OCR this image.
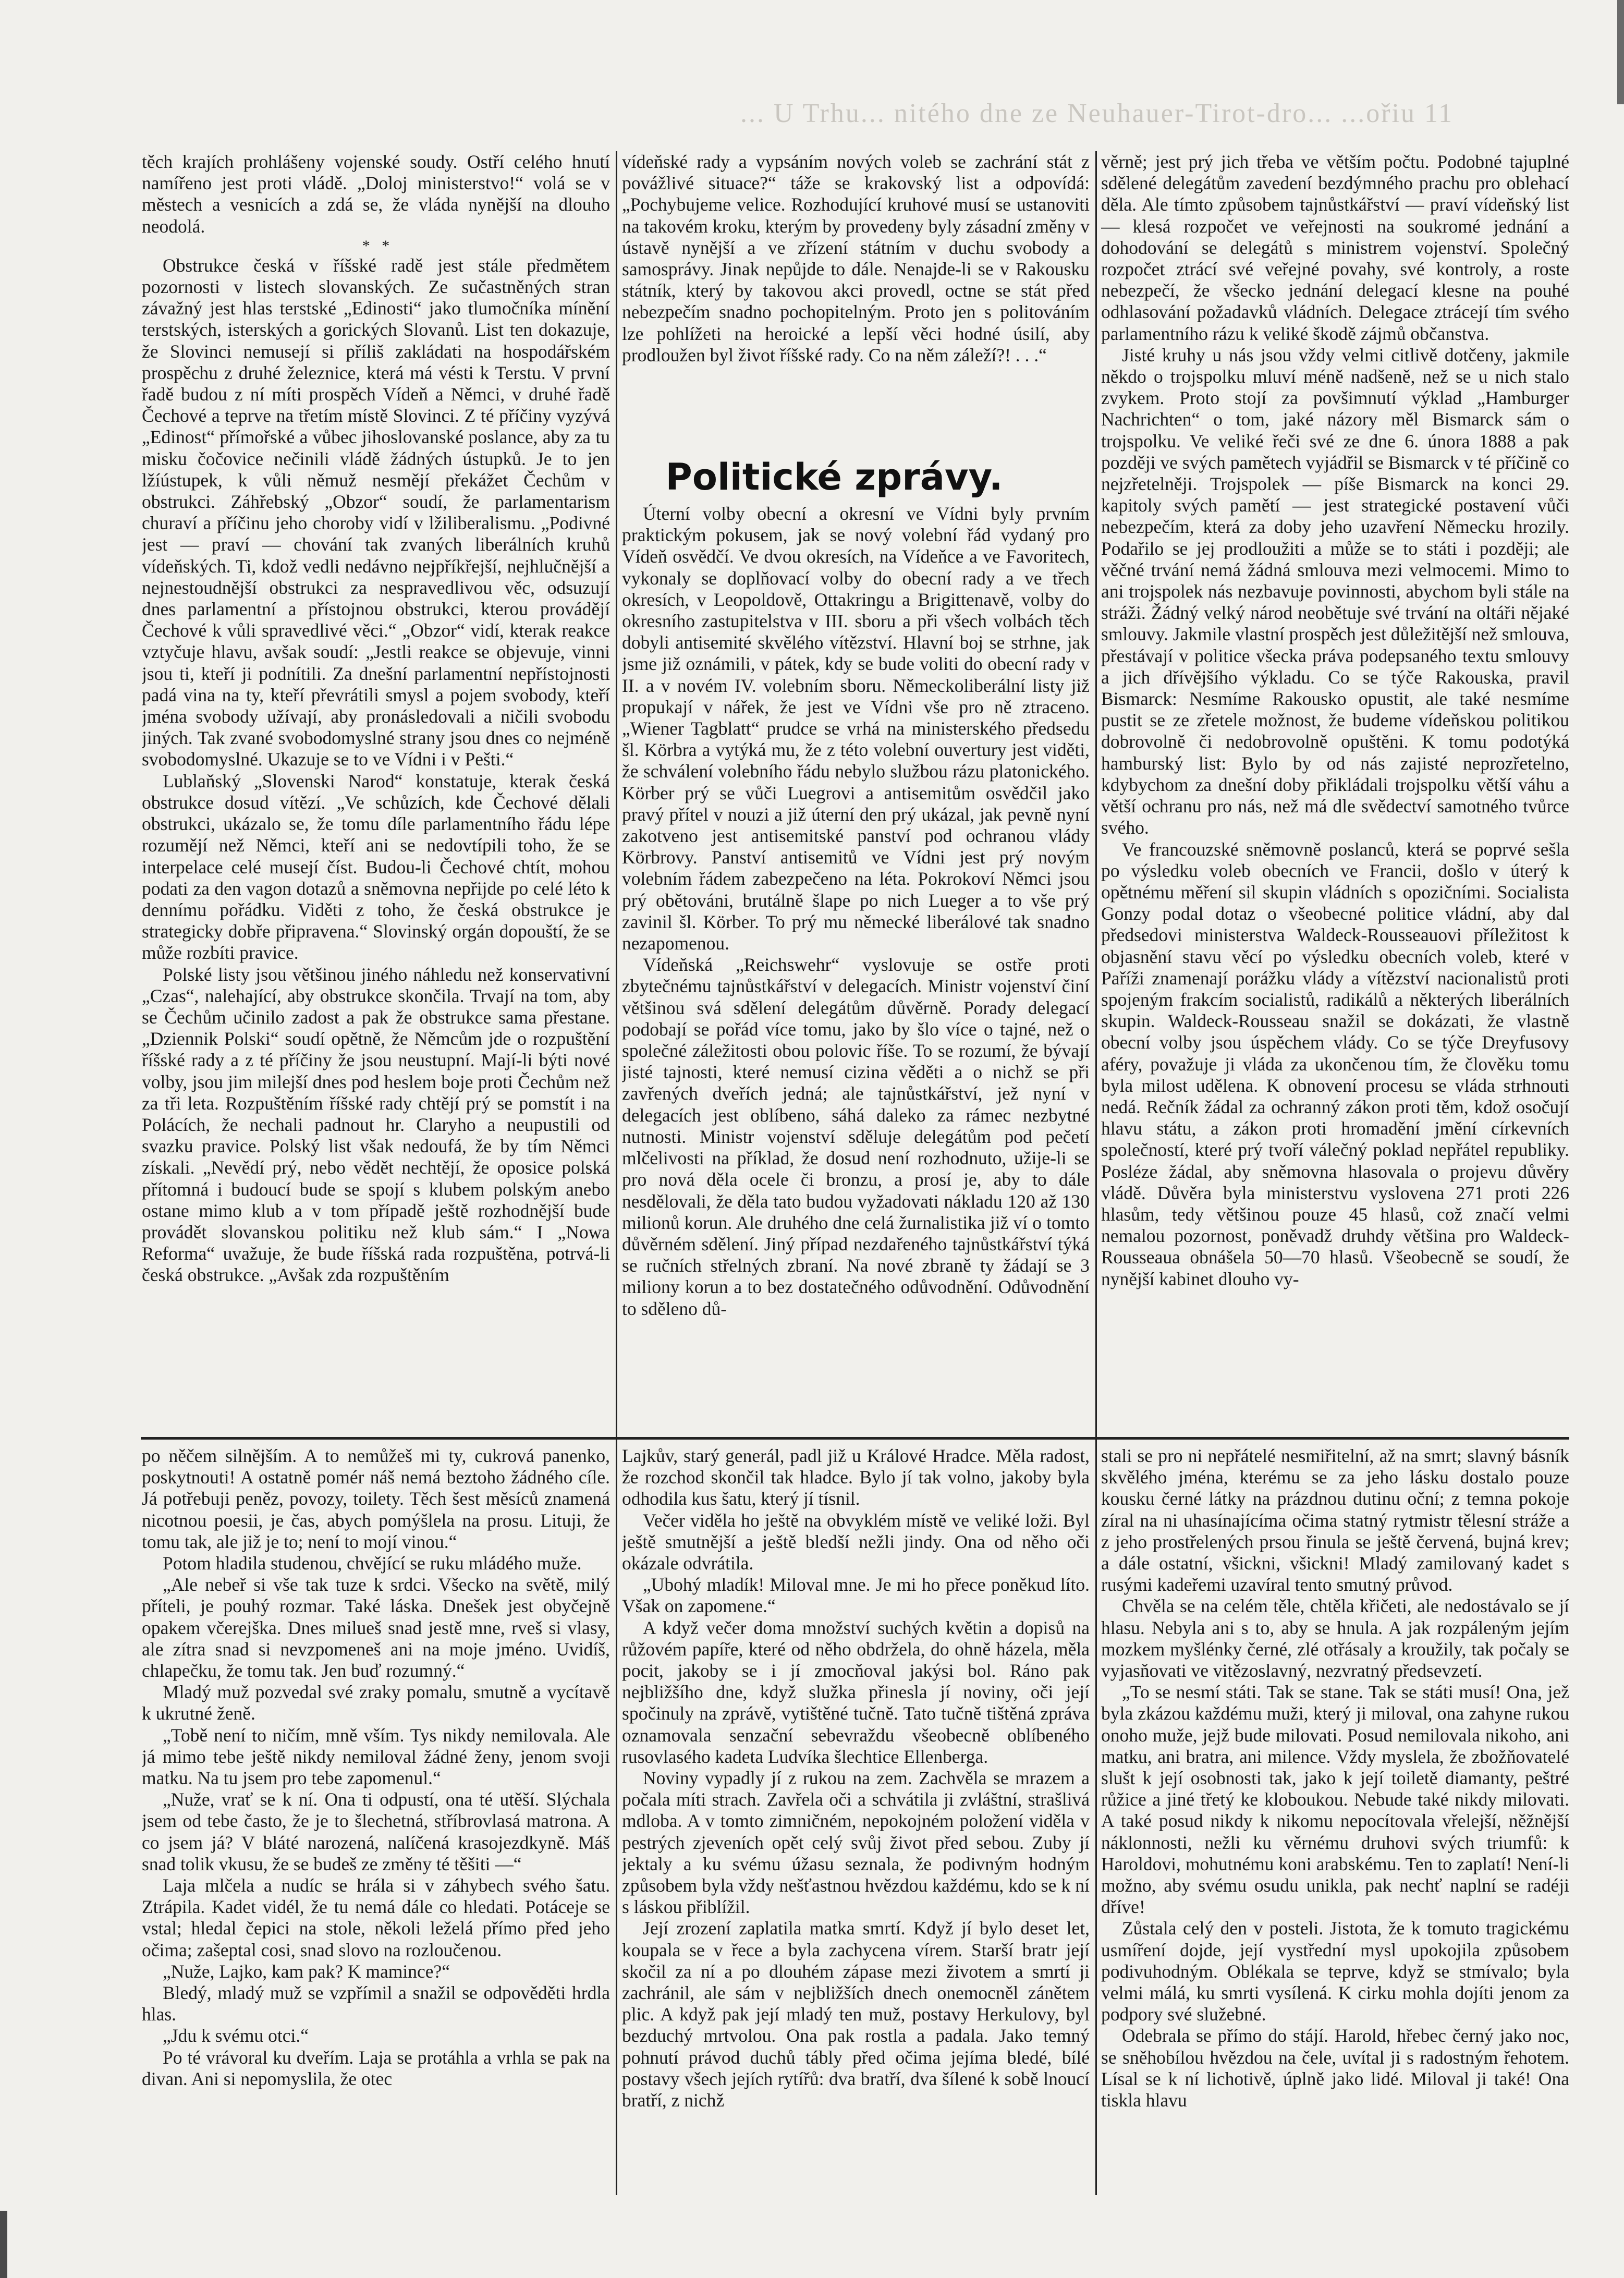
... U Trhu... nitého dne ze Neuhauer-Tirot-dro... ...ořiu 11

těch krajích prohlášeny vojenské soudy. Ostří celého hnutí namířeno jest proti vládě. „Doloj ministerstvo!“ volá se v městech a vesnicích a zdá se, že vláda nynější na dlouho neodolá.

*   *

Obstrukce česká v říšské radě jest stále předmětem pozornosti v listech slovanských. Ze sučastněných stran závažný jest hlas terstské „Edinosti“ jako tlumočníka mínění terstských, isterských a gorických Slovanů. List ten dokazuje, že Slovinci nemusejí si příliš zakládati na hospodářském prospěchu z druhé železnice, která má vésti k Terstu. V první řadě budou z ní míti prospěch Vídeň a Němci, v druhé řadě Čechové a teprve na třetím místě Slovinci. Z té příčiny vyzývá „Edinost“ přímořské a vůbec jihoslovanské poslance, aby za tu misku čočovice nečinili vládě žádných ústupků. Je to jen lžíústupek, k vůli němuž nesmějí překážet Čechům v obstrukci. Záhřebský „Obzor“ soudí, že parlamentarism churaví a příčinu jeho choroby vidí v lžiliberalismu. „Podivné jest — praví — chování tak zvaných liberálních kruhů vídeňských. Ti, kdož vedli nedávno nejpříkřejší, nejhlučnější a nejnestoudnější obstrukci za nespravedlivou věc, odsuzují dnes parlamentní a přístojnou obstrukci, kterou provádějí Čechové k vůli spravedlivé věci.“ „Obzor“ vidí, kterak reakce vztyčuje hlavu, avšak soudí: „Jestli reakce se objevuje, vinni jsou ti, kteří ji podnítili. Za dnešní parlamentní nepřístojnosti padá vina na ty, kteří převrátili smysl a pojem svobody, kteří jména svobody užívají, aby pronásledovali a ničili svobodu jiných. Tak zvané svobodomyslné strany jsou dnes co nejméně svobodomyslné. Ukazuje se to ve Vídni i v Pešti.“

Lublaňský „Slovenski Narod“ konstatuje, kterak česká obstrukce dosud vítězí. „Ve schůzích, kde Čechové dělali obstrukci, ukázalo se, že tomu díle parlamentního řádu lépe rozumějí než Němci, kteří ani se nedovtípili toho, že se interpelace celé musejí číst. Budou-li Čechové chtít, mohou podati za den vagon dotazů a sněmovna nepřijde po celé léto k dennímu pořádku. Viděti z toho, že česká obstrukce je strategicky dobře připravena.“ Slovinský orgán dopouští, že se může rozbíti pravice.

Polské listy jsou většinou jiného náhledu než konservativní „Czas“, nalehající, aby obstrukce skončila. Trvají na tom, aby se Čechům učinilo zadost a pak že obstrukce sama přestane. „Dziennik Polski“ soudí opětně, že Němcům jde o rozpuštění říšské rady a z té příčiny že jsou neustupní. Mají-li býti nové volby, jsou jim milejší dnes pod heslem boje proti Čechům než za tři leta. Rozpuštěním říšské rady chtějí prý se pomstít i na Polácích, že nechali padnout hr. Claryho a neupustili od svazku pravice. Polský list však nedoufá, že by tím Němci získali. „Nevědí prý, nebo vědět nechtějí, že oposice polská přítomná i budoucí bude se spojí s klubem polským anebo ostane mimo klub a v tom případě ještě rozhodnější bude provádět slovanskou politiku než klub sám.“ I „Nowa Reforma“ uvažuje, že bude říšská rada rozpuštěna, potrvá-li česká obstrukce. „Avšak zda rozpuštěním

vídeňské rady a vypsáním nových voleb se zachrání stát z povážlivé situace?“ táže se krakovský list a odpovídá: „Pochybujeme velice. Rozhodující kruhové musí se ustanoviti na takovém kroku, kterým by provedeny byly zásadní změny v ústavě nynější a ve zřízení státním v duchu svobody a samosprávy. Jinak nepůjde to dále. Nenajde-li se v Rakousku státník, který by takovou akci provedl, octne se stát před nebezpečím snadno pochopitelným. Proto jen s politováním lze pohlížeti na heroické a lepší věci hodné úsilí, aby prodloužen byl život říšské rady. Co na něm záleží?! . . .“

Politické zprávy.

Úterní volby obecní a okresní ve Vídni byly prvním praktickým pokusem, jak se nový volební řád vydaný pro Vídeň osvědčí. Ve dvou okresích, na Vídeňce a ve Favoritech, vykonaly se doplňovací volby do obecní rady a ve třech okresích, v Leopoldově, Ottakringu a Brigittenavě, volby do okresního zastupitelstva v III. sboru a při všech volbách těch dobyli antisemité skvělého vítězství. Hlavní boj se strhne, jak jsme již oznámili, v pátek, kdy se bude voliti do obecní rady v II. a v novém IV. volebním sboru. Německoliberální listy již propukají v nářek, že jest ve Vídni vše pro ně ztraceno. „Wiener Tagblatt“ prudce se vrhá na ministerského předsedu šl. Körbra a vytýká mu, že z této volební ouvertury jest viděti, že schválení volebního řádu nebylo službou rázu platonického. Körber prý se vůči Luegrovi a antisemitům osvědčil jako pravý přítel v nouzi a již úterní den prý ukázal, jak pevně nyní zakotveno jest antisemitské panství pod ochranou vlády Körbrovy. Panství antisemitů ve Vídni jest prý novým volebním řádem zabezpečeno na léta. Pokrokoví Němci jsou prý obětováni, brutálně šlape po nich Lueger a to vše prý zavinil šl. Körber. To prý mu německé liberálové tak snadno nezapomenou.

Vídeňská „Reichswehr“ vyslovuje se ostře proti zbytečnému tajnůstkářství v delegacích. Ministr vojenství činí většinou svá sdělení delegátům důvěrně. Porady delegací podobají se pořád více tomu, jako by šlo více o tajné, než o společné záležitosti obou polovic říše. To se rozumí, že bývají jisté tajnosti, které nemusí cizina věděti a o nichž se při zavřených dveřích jedná; ale tajnůstkářství, jež nyní v delegacích jest oblíbeno, sáhá daleko za rámec nezbytné nutnosti. Ministr vojenství sděluje delegátům pod pečetí mlčelivosti na příklad, že dosud není rozhodnuto, užije-li se pro nová děla ocele či bronzu, a prosí je, aby to dále nesdělovali, že děla tato budou vyžadovati nákladu 120 až 130 milionů korun. Ale druhého dne celá žurnalistika již ví o tomto důvěrném sdělení. Jiný případ nezdařeného tajnůstkářství týká se ručních střelných zbraní. Na nové zbraně ty žádají se 3 miliony korun a to bez dostatečného odůvodnění. Odůvodnění to sděleno dů-

věrně; jest prý jich třeba ve větším počtu. Podobné tajuplné sdělené delegátům zavedení bezdýmného prachu pro oblehací děla. Ale tímto způsobem tajnůstkářství — praví vídeňský list — klesá rozpočet ve veřejnosti na soukromé jednání a dohodování se delegátů s ministrem vojenství. Společný rozpočet ztrácí své veřejné povahy, své kontroly, a roste nebezpečí, že všecko jednání delegací klesne na pouhé odhlasování požadavků vládních. Delegace ztrácejí tím svého parlamentního rázu k veliké škodě zájmů občanstva.

Jisté kruhy u nás jsou vždy velmi citlivě dotčeny, jakmile někdo o trojspolku mluví méně nadšeně, než se u nich stalo zvykem. Proto stojí za povšimnutí výklad „Hamburger Nachrichten“ o tom, jaké názory měl Bismarck sám o trojspolku. Ve veliké řeči své ze dne 6. února 1888 a pak později ve svých pamětech vyjádřil se Bismarck v té příčině co nejzřetelněji. Trojspolek — píše Bismarck na konci 29. kapitoly svých pamětí — jest strategické postavení vůči nebezpečím, která za doby jeho uzavření Německu hrozily. Podařilo se jej prodloužiti a může se to státi i později; ale věčné trvání nemá žádná smlouva mezi velmocemi. Mimo to ani trojspolek nás nezbavuje povinnosti, abychom byli stále na stráži. Žádný velký národ neobětuje své trvání na oltáři nějaké smlouvy. Jakmile vlastní prospěch jest důležitější než smlouva, přestávají v politice všecka práva podepsaného textu smlouvy a jich dřívějšího výkladu. Co se týče Rakouska, pravil Bismarck: Nesmíme Rakousko opustit, ale také nesmíme pustit se ze zřetele možnost, že budeme vídeňskou politikou dobrovolně či nedobrovolně opuštěni. K tomu podotýká hamburský list: Bylo by od nás zajisté neprozřetelno, kdybychom za dnešní doby přikládali trojspolku větší váhu a větší ochranu pro nás, než má dle svědectví samotného tvůrce svého.

Ve francouzské sněmovně poslanců, která se poprvé sešla po výsledku voleb obecních ve Francii, došlo v úterý k opětnému měření sil skupin vládních s opozičními. Socialista Gonzy podal dotaz o všeobecné politice vládní, aby dal předsedovi ministerstva Waldeck-Rousseauovi příležitost k objasnění stavu věcí po výsledku obecních voleb, které v Paříži znamenají porážku vlády a vítězství nacionalistů proti spojeným frakcím socialistů, radikálů a některých liberálních skupin. Waldeck-Rousseau snažil se dokázati, že vlastně obecní volby jsou úspěchem vlády. Co se týče Dreyfusovy aféry, považuje ji vláda za ukončenou tím, že člověku tomu byla milost udělena. K obnovení procesu se vláda strhnouti nedá. Rečník žádal za ochranný zákon proti těm, kdož osočují hlavu státu, a zákon proti hromadění jmění církevních společností, které prý tvoří válečný poklad nepřátel republiky. Posléze žádal, aby sněmovna hlasovala o projevu důvěry vládě. Důvěra byla ministerstvu vyslovena 271 proti 226 hlasům, tedy většinou pouze 45 hlasů, což značí velmi nemalou pozornost, poněvadž druhdy většina pro Waldeck-Rousseaua obnášela 50—70 hlasů. Všeobecně se soudí, že nynější kabinet dlouho vy-

po něčem silnějším. A to nemůžeš mi ty, cukrová panenko, poskytnouti! A ostatně pomér náš nemá beztoho žádného cíle. Já potřebuji peněz, povozy, toilety. Těch šest měsíců znamená nicotnou poesii, je čas, abych pomýšlela na prosu. Lituji, že tomu tak, ale již je to; není to mojí vinou.“

Potom hladila studenou, chvějící se ruku mládého muže.

„Ale nebeř si vše tak tuze k srdci. Všecko na světě, milý příteli, je pouhý rozmar. Také láska. Dnešek jest obyčejně opakem včerejška. Dnes milueš snad jestě mne, rveš si vlasy, ale zítra snad si nevzpomeneš ani na moje jméno. Uvidíš, chlapečku, že tomu tak. Jen buď rozumný.“

Mladý muž pozvedal své zraky pomalu, smutně a vycítavě k ukrutné ženě.

„Tobě není to ničím, mně vším. Tys nikdy nemilovala. Ale já mimo tebe ještě nikdy nemiloval žádné ženy, jenom svoji matku. Na tu jsem pro tebe zapomenul.“

„Nuže, vrať se k ní. Ona ti odpustí, ona té utěší. Slýchala jsem od tebe často, že je to šlechetná, stříbrovlasá matrona. A co jsem já? V bláté narozená, nalíčená krasojezdkyně. Máš snad tolik vkusu, že se budeš ze změny té těšiti —“

Laja mlčela a nudíc se hrála si v záhybech svého šatu. Ztrápila. Kadet vidél, že tu nemá dále co hledati. Potáceje se vstal; hledal čepici na stole, několi leželá přímo před jeho očima; zašeptal cosi, snad slovo na rozloučenou.

„Nuže, Lajko, kam pak? K mamince?“

Bledý, mladý muž se vzpřímil a snažil se odpověděti hrdla hlas.

„Jdu k svému otci.“

Po té vrávoral ku dveřím. Laja se protáhla a vrhla se pak na divan. Ani si nepomyslila, že otec

Lajkův, starý generál, padl již u Králové Hradce. Měla radost, že rozchod skončil tak hladce. Bylo jí tak volno, jakoby byla odhodila kus šatu, který jí tísnil.

Večer viděla ho ještě na obvyklém místě ve veliké loži. Byl ještě smutnější a ještě bledší nežli jindy. Ona od něho oči okázale odvrátila.

„Ubohý mladík! Miloval mne. Je mi ho přece poněkud líto. Však on zapomene.“

A když večer doma množství suchých květin a dopisů na růžovém papíře, které od něho obdržela, do ohně házela, měla pocit, jakoby se i jí zmocňoval jakýsi bol. Ráno pak nejbližšího dne, když služka přinesla jí noviny, oči její spočinuly na zprávě, vytištěné tučně. Tato tučně tištěná zpráva oznamovala senzační sebevraždu všeobecně oblíbeného rusovlasého kadeta Ludvíka šlechtice Ellenberga.

Noviny vypadly jí z rukou na zem. Zachvěla se mrazem a počala míti strach. Zavřela oči a schvátila ji zvláštní, strašlivá mdloba. A v tomto zimničném, nepokojném položení viděla v pestrých zjeveních opět celý svůj život před sebou. Zuby jí jektaly a ku svému úžasu seznala, že podivným hodným způsobem byla vždy nešťastnou hvězdou každému, kdo se k ní s láskou přiblížil.

Její zrození zaplatila matka smrtí. Když jí bylo deset let, koupala se v řece a byla zachycena vírem. Starší bratr její skočil za ní a po dlouhém zápase mezi životem a smrtí ji zachránil, ale sám v nejbližších dnech onemocněl zánětem plic. A když pak její mladý ten muž, postavy Herkulovy, byl bezduchý mrtvolou. Ona pak rostla a padala. Jako temný pohnutí právod duchů tábly před očima jejíma bledé, bílé postavy všech jejích rytířů: dva bratří, dva šílené k sobě lnoucí bratří, z nichž

stali se pro ni nepřátelé nesmiřitelní, až na smrt; slavný básník skvělého jména, kterému se za jeho lásku dostalo pouze kousku černé látky na prázdnou dutinu oční; z temna pokoje zíral na ni uhasínajícíma očima statný rytmistr tělesní stráže a z jeho prostřelených prsou řinula se ještě červená, bujná krev; a dále ostatní, všickni, všickni! Mladý zamilovaný kadet s rusými kadeřemi uzavíral tento smutný průvod.

Chvěla se na celém těle, chtěla křičeti, ale nedostávalo se jí hlasu. Nebyla ani s to, aby se hnula. A jak rozpáleným jejím mozkem myšlénky černé, zlé otřásaly a kroužily, tak počaly se vyjasňovati ve vitězoslavný, nezvratný předsevzetí.

„To se nesmí státi. Tak se stane. Tak se státi musí! Ona, jež byla zkázou každému muži, který ji miloval, ona zahyne rukou onoho muže, jejž bude milovati. Posud nemilovala nikoho, ani matku, ani bratra, ani milence. Vždy myslela, že zbožňovatelé slušt k její osobnosti tak, jako k její toiletě diamanty, peštré růžice a jiné třetý ke kloboukou. Nebude také nikdy milovati. A také posud nikdy k nikomu nepocítovala vřelejší, něžnější náklonnosti, nežli ku věrnému druhovi svých triumfů: k Haroldovi, mohutnému koni arabskému. Ten to zaplatí! Není-li možno, aby svému osudu unikla, pak nechť naplní se radéji dříve!

Zůstala celý den v posteli. Jistota, že k tomuto tragickému usmíření dojde, její vystřední mysl upokojila způsobem podivuhodným. Oblékala se teprve, když se stmívalo; byla velmi málá, ku smrti vysílená. K cirku mohla dojíti jenom za podpory své služebné.

Odebrala se přímo do stájí. Harold, hřebec černý jako noc, se sněhobílou hvězdou na čele, uvítal ji s radostným řehotem. Lísal se k ní lichotivě, úplně jako lidé. Miloval ji také! Ona tiskla hlavu
